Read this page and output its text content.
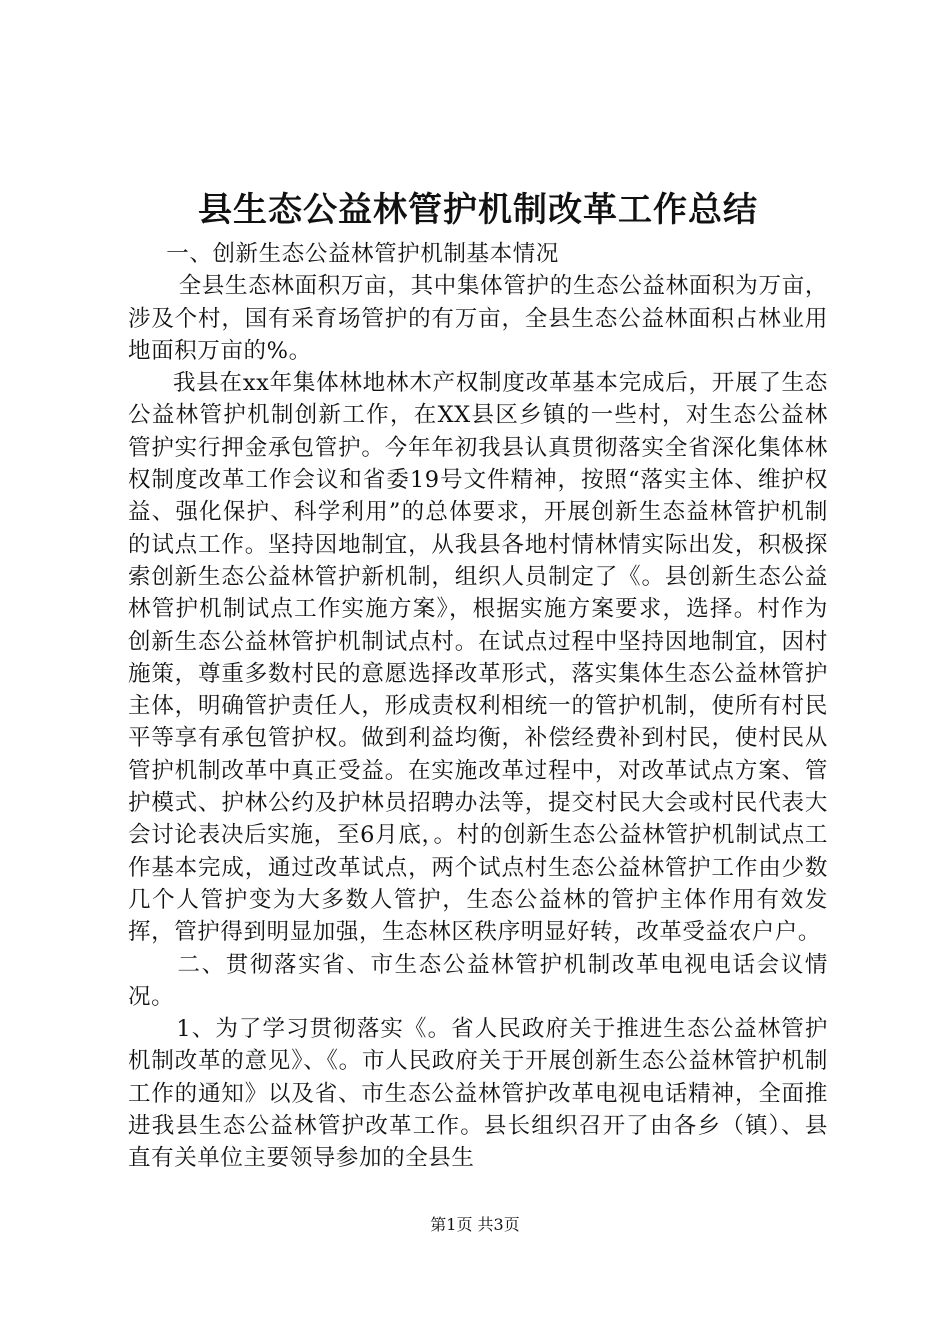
县生态公益林管护机制改革工作总结

一、创新生态公益林管护机制基本情况

全县生态林面积万亩，其中集体管护的生态公益林面积为万亩，涉及个村，国有采育场管护的有万亩，全县生态公益林面积占林业用地面积万亩的%。

我县在xx年集体林地林木产权制度改革基本完成后，开展了生态公益林管护机制创新工作，在XX县区乡镇的一些村，对生态公益林管护实行押金承包管护。今年年初我县认真贯彻落实全省深化集体林权制度改革工作会议和省委19号文件精神，按照“落实主体、维护权益、强化保护、科学利用”的总体要求，开展创新生态益林管护机制的试点工作。坚持因地制宜，从我县各地村情林情实际出发，积极探索创新生态公益林管护新机制，组织人员制定了《。县创新生态公益林管护机制试点工作实施方案》，根据实施方案要求，选择。村作为创新生态公益林管护机制试点村。在试点过程中坚持因地制宜，因村施策，尊重多数村民的意愿选择改革形式，落实集体生态公益林管护主体，明确管护责任人，形成责权利相统一的管护机制，使所有村民平等享有承包管护权。做到利益均衡，补偿经费补到村民，使村民从管护机制改革中真正受益。在实施改革过程中，对改革试点方案、管护模式、护林公约及护林员招聘办法等，提交村民大会或村民代表大会讨论表决后实施，至6月底，。村的创新生态公益林管护机制试点工作基本完成，通过改革试点，两个试点村生态公益林管护工作由少数几个人管护变为大多数人管护，生态公益林的管护主体作用有效发挥，管护得到明显加强，生态林区秩序明显好转，改革受益农户户。

二、贯彻落实省、市生态公益林管护机制改革电视电话会议情况。

1、为了学习贯彻落实《。省人民政府关于推进生态公益林管护机制改革的意见》、《。市人民政府关于开展创新生态公益林管护机制工作的通知》以及省、市生态公益林管护改革电视电话精神，全面推进我县生态公益林管护改革工作。县长组织召开了由各乡（镇）、县直有关单位主要领导参加的全县生

第1页 共3页
